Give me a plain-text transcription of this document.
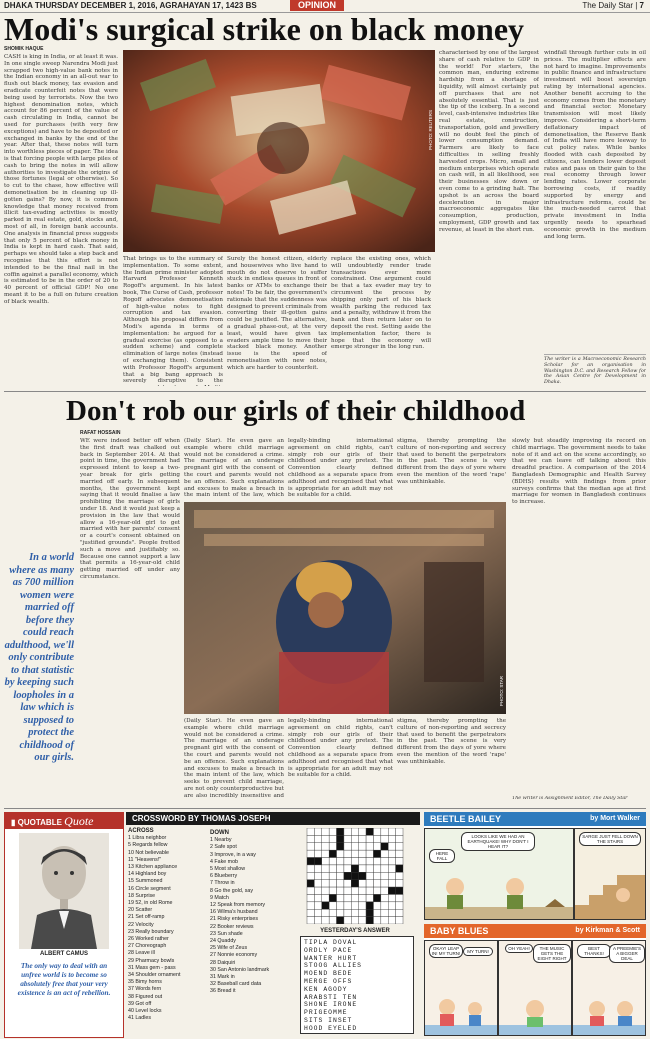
DHAKA THURSDAY DECEMBER 1, 2016, AGRAHAYAN 17, 1423 BS	OPINION	The Daily Star | 7
Modi's surgical strike on black money
SHOMIK HAQUE
CASH is king in India, or at least it was. In one single sweep Narendra Modi just scrapped two high-value bank notes in the Indian economy in an all-out war to flush out black money, tax evasion and eradicate counterfeit notes that were being used by terrorists. Now the two highest denomination notes, which account for 86 percent of the value of cash circulating in India, cannot be used for purchases (with very few exceptions) and have to be deposited or exchanged in banks by the end of the year. After that, these notes will turn into worthless pieces of paper. The idea is that forcing people with large piles of cash to bring the notes in will allow authorities to investigate the origins of those fortunes (legal or otherwise). So to cut to the chase, how effective will demonetisation be in cleaning up ill-gotten gains? By now, it is common knowledge that money received from illicit tax-evading activities is mostly parked in real estate, gold, stocks and, most of all, in foreign bank accounts. One analysis in financial press suggests that only 5 percent of black money in India is kept in hard cash. That said, perhaps we should take a step back and recognise that this effort is not intended to be the final nail in the coffin against a parallel economy, which is estimated to be in the order of 20 to 40 percent of official GDP! No one meant it to be a full on future creation of black wealth.
PHOTO: REUTERS
That brings us to the summary of implementation. To some extent, the Indian prime minister adopted Harvard Professor Kenneth Rogoff's argument. In his latest book, The Curse of Cash, professor Rogoff advocates demonetisation of high-value notes to fight corruption and tax evasion. Although his proposal differs from Modi's agenda in terms of implementation: he argued for a gradual exercise (as opposed to a sudden scheme) and complete elimination of large notes (instead of exchanging them). Consistent with Professor Rogoff's argument that a big bang approach is severely disruptive to the
Surely the honest citizen, elderly and housewives who live hand to mouth do not deserve to suffer stuck in endless queues in front of banks or ATMs to exchange their notes! To be fair, the government's rationale that the suddenness was designed to prevent criminals from converting their ill-gotten gains could be justified. The alternative, a gradual phase-out, at the very least, would have given tax evaders ample time to move their stacked black money. Another issue is the speed of remonetisation with new notes, which are harder to counterfeit.
replace the existing ones, which will undoubtedly render trade transactions ever more constrained. One argument could be that a tax evader may try to circumvent the process by shipping only part of his black wealth parking the reduced tax and a penalty, withdraw it from the bank and then return later on to deposit the rest. Setting aside the implementation factor, there is hope that the economy will emerge stronger in the long run.
characterised by one of the largest share of cash relative to GDP in the world! For starters, the common man, enduring extreme hardship from a shortage of liquidity, will almost certainly put off purchases that are not absolutely essential. That is just the tip of the iceberg. In a second level, cash-intensive industries like real estate, construction, transportation, gold and jewellery will no doubt feel the pinch of lower consumption demand. Farmers are likely to face difficulties in selling freshly harvested crops. Micro, small and medium enterprises which operate on cash will, in all likelihood, see their businesses slow down or even come to a grinding halt. The upshot is an across the board deceleration in major macroeconomic aggregates like consumption, production, employment, GDP growth and tax revenue, at least in the short run.
windfall through further cuts in oil prices. The multiplier effects are not hard to imagine. Improvements in public finance and infrastructure investment will boost sovereign rating by international agencies. Another benefit accruing to the economy comes from the monetary and financial sector. Monetary transmission will most likely improve. Considering a short-term deflationary impact of demonetisation, the Reserve Bank of India will have more leeway to cut policy rates. While banks flooded with cash deposited by citizens, can lenders lower deposit rates and pass on their gain to the real economy through lower lending rates. Lower corporate borrowing costs, if readily supported by energy and infrastructure reforms, could be the much-needed carrot that private investment in India urgently needs to spearhead economic growth in the medium and long term.
The writer is a Macroeconomic Research Scholar for an organisation in Washington D.C. and Research Fellow for the Asian Centre for Development in Dhaka.
Don't rob our girls of their childhood
RAFAT HOSSAIN
In a world where as many as 700 million women were married off before they could reach adulthood, we'll only contribute to that statistic by keeping such loopholes in a law which is supposed to protect the childhood of our girls.
WE were indeed better off when the first draft was chalked out back in September 2014. At that point in time, the government had expressed intent to keep a two-year break for girls getting married off early. In subsequent months, the government kept saying that it would finalise a law prohibiting the marriage of girls under 18. And it would just keep a provision in the law that would allow a 16-year-old girl to get married with her parents' consent or a court's consent obtained on "justified grounds". People fretted such a move and justifiably so. Because one cannot support a law that permits a 16-year-old child getting married off under any circumstance.
(Daily Star). He even gave an example where child marriage would not be considered a crime. The marriage of an underage pregnant girl with the consent of the court and parents would not be an offence. Such explanations and excuses to make a breach in the main intent of the law, which
PHOTO: STAR
legally-binding international agreement on child rights, can't simply rob our girls of their childhood under any pretext. The Convention clearly defined childhood as a separate space from adulthood and recognised that what is appropriate for an adult may not be suitable for a child.
stigma, thereby prompting the culture of non-reporting and secrecy that used to benefit the perpetrators in the past. The scene is very different from the days of yore where even the mention of the word 'rape' was unthinkable.
slowly but steadily improving its record on child marriage. The government needs to take note of it and act on the scene accordingly, so that we can leave off talking about this dreadful practice. A comparison of the 2014 Bangladesh Demographic and Health Survey (BDHS) results with findings from prior surveys confirms that the median age at first marriage for women in Bangladesh continues to increase.
(Daily Star). He even gave an example where child marriage would not be considered a crime. The marriage of an underage pregnant girl with the consent of the court and parents would not be an offence. Such explanations and excuses to make a breach in the main intent of the law, which seeks to prevent child marriage, are not only counterproductive but are also incredibly insensitive and
legally-binding international agreement on child rights, can't simply rob our girls of their childhood under any pretext. The Convention clearly defined childhood as a separate space from adulthood and recognised that what is appropriate for an adult may not be suitable for a child.
stigma, thereby prompting the culture of non-reporting and secrecy that used to benefit the perpetrators in the past. The scene is very different from the days of yore where even the mention of the word 'rape' was unthinkable.
The writer is Assignment Editor, The Daily Star
▮ QUOTABLE Quote
ALBERT CAMUS
The only way to deal with an unfree world is to become so absolutely free that your very existence is an act of rebellion.
CROSSWORD BY THOMAS JOSEPH
ACROSS
1 Libra neighbor
5 Regards fellow
10 Not believable
11 "Heavens!"
13 Kitchen appliance
14 Highland boy
15 Summoned
16 Circle segment
18 Surprise
19 52, in old Rome
20 Scatter
21 Set off-ramp
22 Velocity
23 Really boundary
26 Worked rather
27 Choreograph
28 Leave ill
29 Pharmacy bowls
31 Mass gem - pass
34 Shoulder ornament
35 Bimy horns
37 Words fern
38 Figured out
39 Got off
40 Level locks
41 Ladles
DOWN
1 Nearby
2 Safe spot
3 Improve, in a way
4 Fake mob
5 Most shallow
6 Blueberry
7 Throw in
8 Go the gold, say
9 Match
12 Speak from memory
16 Wilma's husband
21 Risky enterprises
22 Booker reviews
23 Sun shade
24 Quaddy
25 Wife of Zeus
27 Nonnie economy
28 Daiquiri
30 San Antonio landmark
31 Mark in
32 Baseball card data
36 Bread it
YESTERDAY'S ANSWER
TIPLA DOVAL
ORDLY PACE
WANTER HURT
STOOG ALLIES
MOEND BEDE
MERGE OFFS
KEN AGODY
ARABSTI TEN
SHONE IRONE
PRIGEOMME
SITS INSET
HOOD EYELED
BEETLE BAILEY	by Mort Walker
LOOKS LIKE WE HAD AN EARTHQUAKE! WHY DON'T I HEAR IT?
HERE FALL
SARGE JUST FELL DOWN THE STAIRS
BABY BLUES	by Kirkman & Scott
OKAY! LEAP IN! MY TURN!	MY TURN!
OH YEAH!	THE MUSIC GETS THE EIGHT RIGHT
BEST THANKS!
A PREEMIE'S A BIGGER DEAL
